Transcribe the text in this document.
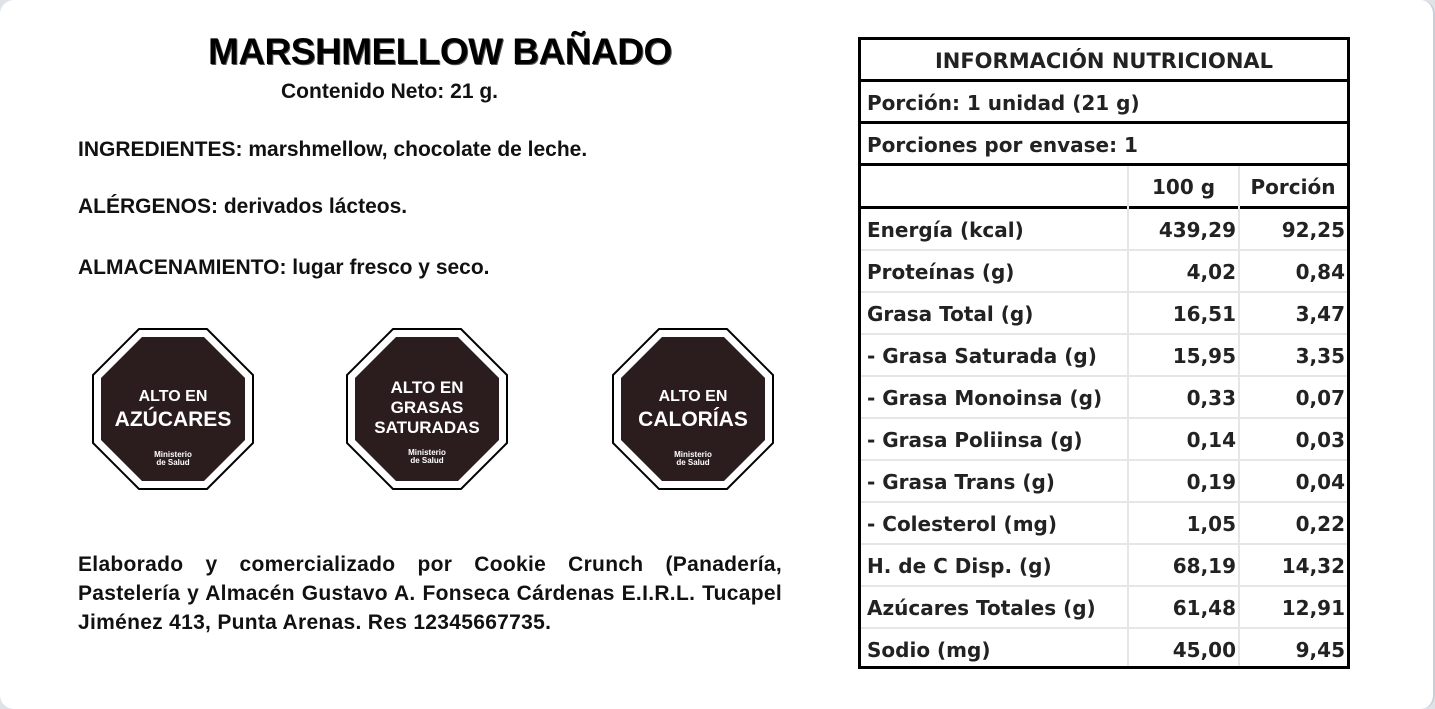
MARSHMELLOW BAÑADO
Contenido Neto: 21 g.
INGREDIENTES: marshmellow, chocolate de leche.
ALÉRGENOS: derivados lácteos.
ALMACENAMIENTO: lugar fresco y seco.
ALTO EN
AZÚCARES
Ministerio
de Salud
ALTO EN
GRASAS
SATURADAS
Ministerio
de Salud
ALTO EN
CALORÍAS
Ministerio
de Salud
Elaborado y comercializado por Cookie Crunch (Panadería, Pastelería y Almacén Gustavo A. Fonseca Cárdenas E.I.R.L. Tucapel Jiménez 413, Punta Arenas. Res 12345667735.
INFORMACIÓN NUTRICIONAL
Porción: 1 unidad (21 g)
Porciones por envase: 1
100 g	Porción
Energía (kcal)	439,29	92,25
Proteínas (g)	4,02	0,84
Grasa Total (g)	16,51	3,47
- Grasa Saturada (g)	15,95	3,35
- Grasa Monoinsa (g)	0,33	0,07
- Grasa Poliinsa (g)	0,14	0,03
- Grasa Trans (g)	0,19	0,04
- Colesterol (mg)	1,05	0,22
H. de C Disp. (g)	68,19	14,32
Azúcares Totales (g)	61,48	12,91
Sodio (mg)	45,00	9,45
